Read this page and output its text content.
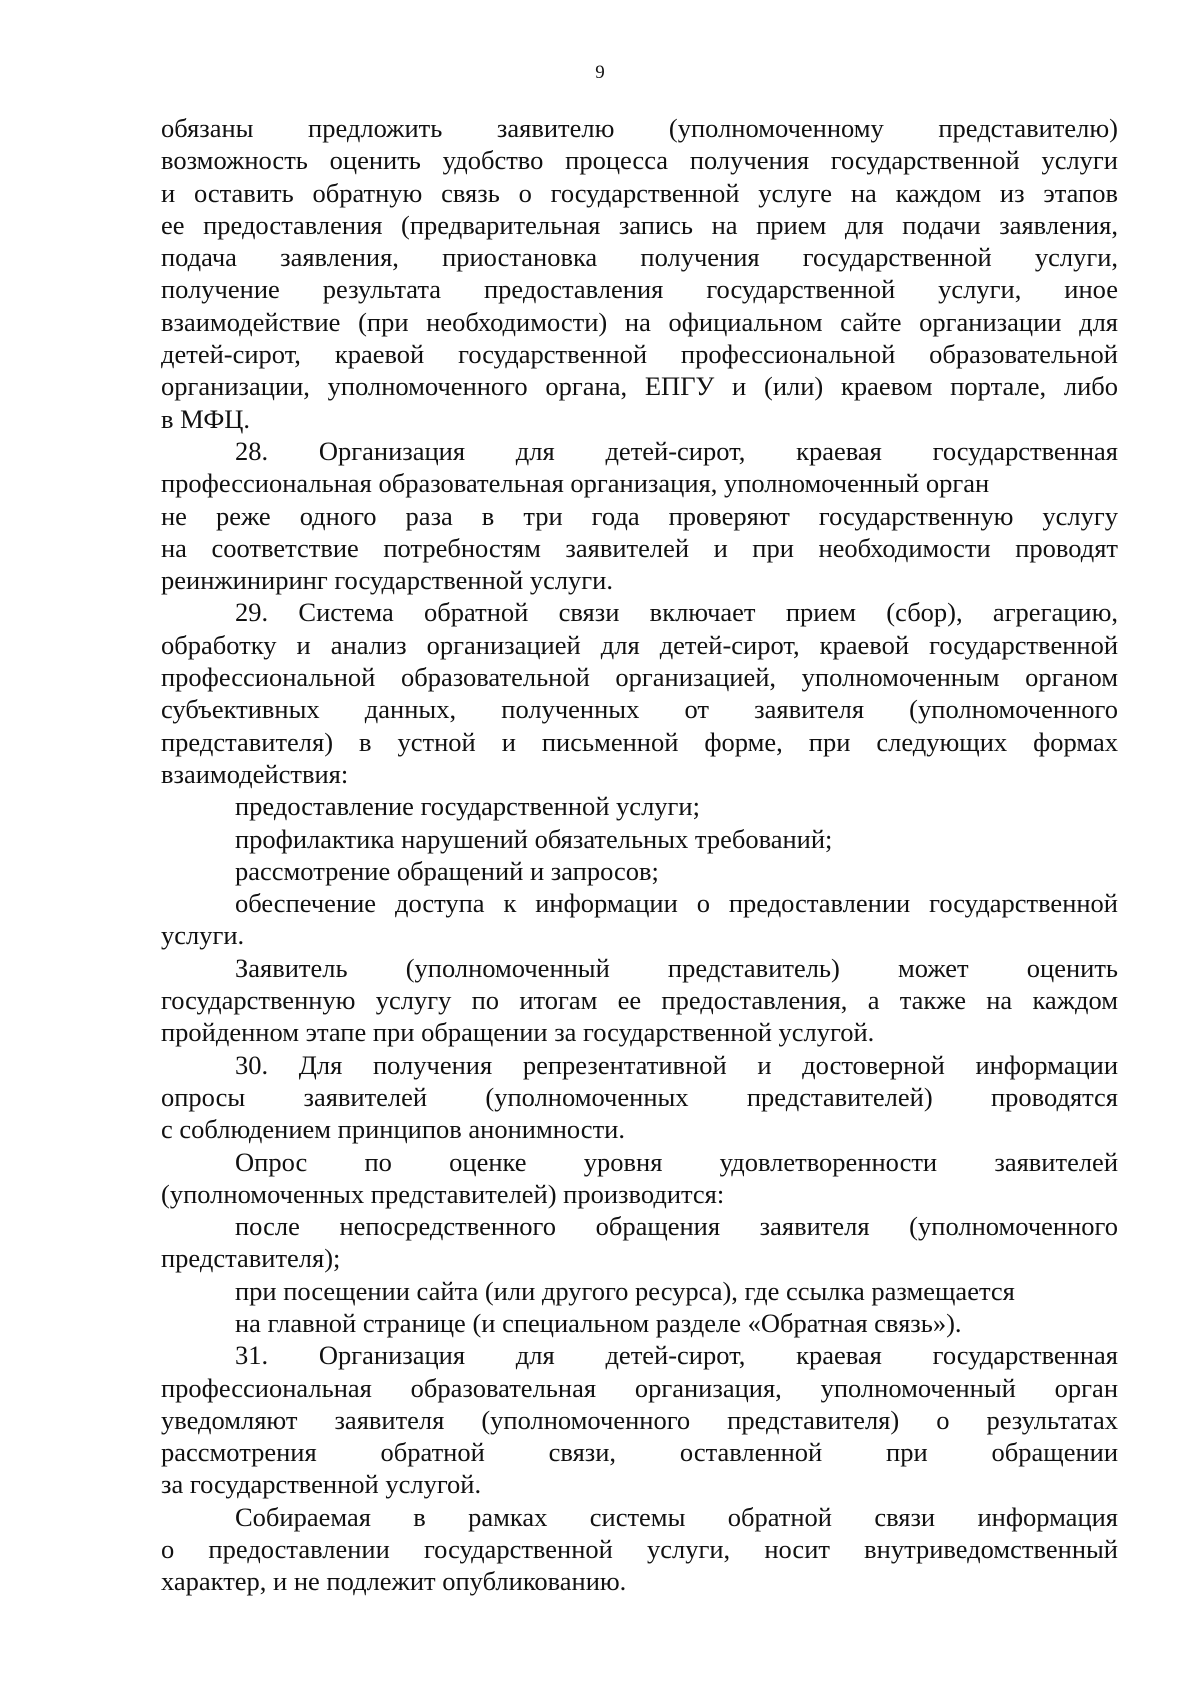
9

обязаны предложить заявителю (уполномоченному представителю)

возможность оценить удобство процесса получения государственной услуги

и оставить обратную связь о государственной услуге на каждом из этапов

ее предоставления (предварительная запись на прием для подачи заявления,

подача заявления, приостановка получения государственной услуги,

получение результата предоставления государственной услуги, иное

взаимодействие (при необходимости) на официальном сайте организации для

детей-сирот, краевой государственной профессиональной образовательной

организации, уполномоченного органа, ЕПГУ и (или) краевом портале, либо

в МФЦ.

28. Организация для детей-сирот, краевая государственная

профессиональная образовательная организация, уполномоченный орган

не реже одного раза в три года проверяют государственную услугу

на соответствие потребностям заявителей и при необходимости проводят

реинжиниринг государственной услуги.

29. Система обратной связи включает прием (сбор), агрегацию,

обработку и анализ организацией для детей-сирот, краевой государственной

профессиональной образовательной организацией, уполномоченным органом

субъективных данных, полученных от заявителя (уполномоченного

представителя) в устной и письменной форме, при следующих формах

взаимодействия:

предоставление государственной услуги;

профилактика нарушений обязательных требований;

рассмотрение обращений и запросов;

обеспечение доступа к информации о предоставлении государственной

услуги.

Заявитель (уполномоченный представитель) может оценить

государственную услугу по итогам ее предоставления, а также на каждом

пройденном этапе при обращении за государственной услугой.

30. Для получения репрезентативной и достоверной информации

опросы заявителей (уполномоченных представителей) проводятся

с соблюдением принципов анонимности.

Опрос по оценке уровня удовлетворенности заявителей

(уполномоченных представителей) производится:

после непосредственного обращения заявителя (уполномоченного

представителя);

при посещении сайта (или другого ресурса), где ссылка размещается

на главной странице (и специальном разделе «Обратная связь»).

31. Организация для детей-сирот, краевая государственная

профессиональная образовательная организация, уполномоченный орган

уведомляют заявителя (уполномоченного представителя) о результатах

рассмотрения обратной связи, оставленной при обращении

за государственной услугой.

Собираемая в рамках системы обратной связи информация

о предоставлении государственной услуги, носит внутриведомственный

характер, и не подлежит опубликованию.
